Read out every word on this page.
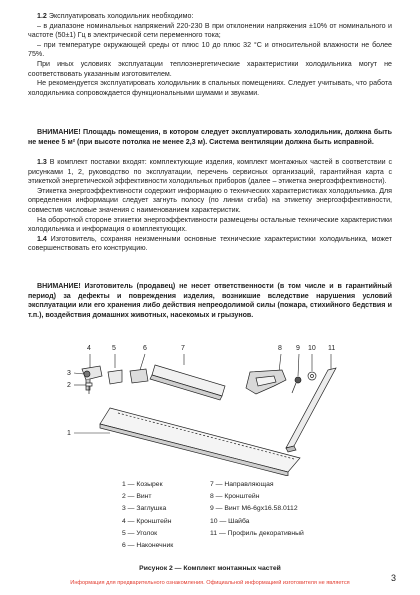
1.2 Эксплуатировать холодильник необходимо:

– в диапазоне номинальных напряжений 220-230 В при отклонении напряжения ±10% от номинального и частоте (50±1) Гц в электрической сети переменного тока;

– при температуре окружающей среды от плюс 10 до плюс 32 °С и относительной влажности не более 75%.

При иных условиях эксплуатации теплоэнергетические характеристики холодильника могут не соответствовать указанным изготовителем.

Не рекомендуется эксплуатировать холодильник в спальных помещениях. Следует учитывать, что работа холодильника сопровождается функциональными шумами и звуками.

ВНИМАНИЕ! Площадь помещения, в котором следует эксплуатировать холодильник, должна быть не менее 5 м² (при высоте потолка не менее 2,3 м). Система вентиляции должна быть исправной.

1.3 В комплект поставки входят: комплектующие изделия, комплект монтажных частей в соответствии с рисунками 1, 2, руководство по эксплуатации, перечень сервисных организаций, гарантийная карта с этикеткой энергетической эффективности холодильных приборов (далее – этикетка энергоэффективности).

Этикетка энергоэффективности содержит информацию о технических характеристиках холодильника. Для определения информации следует загнуть полосу (по линии сгиба) на этикетку энергоэффективности, совместив числовые значения с наименованием характеристик.

На оборотной стороне этикетки энергоэффективности размещены остальные технические характеристики холодильника и информация о комплектующих.

1.4 Изготовитель, сохраняя неизменными основные технические характеристики холодильника, может совершенствовать его конструкцию.

ВНИМАНИЕ! Изготовитель (продавец) не несет ответственности (в том числе и в гарантийный период) за дефекты и повреждения изделия, возникшие вследствие нарушения условий эксплуатации или его хранения либо действия непреодолимой силы (пожара, стихийного бедствия и т.п.), воздействия домашних животных, насекомых и грызунов.

4	5	6	7	8 9 10 11
3
2
1
1 — Козырек
2 — Винт
3 — Заглушка
4 — Кронштейн
5 — Уголок
6 — Наконечник
7 — Направляющая
8 — Кронштейн
9 — Винт М6-6gх16.58.0112
10 — Шайба
11 — Профиль декоративный
Рисунок 2 — Комплект монтажных частей
3
Информация для предварительного ознакомления. Официальной информацией изготовителя не является
